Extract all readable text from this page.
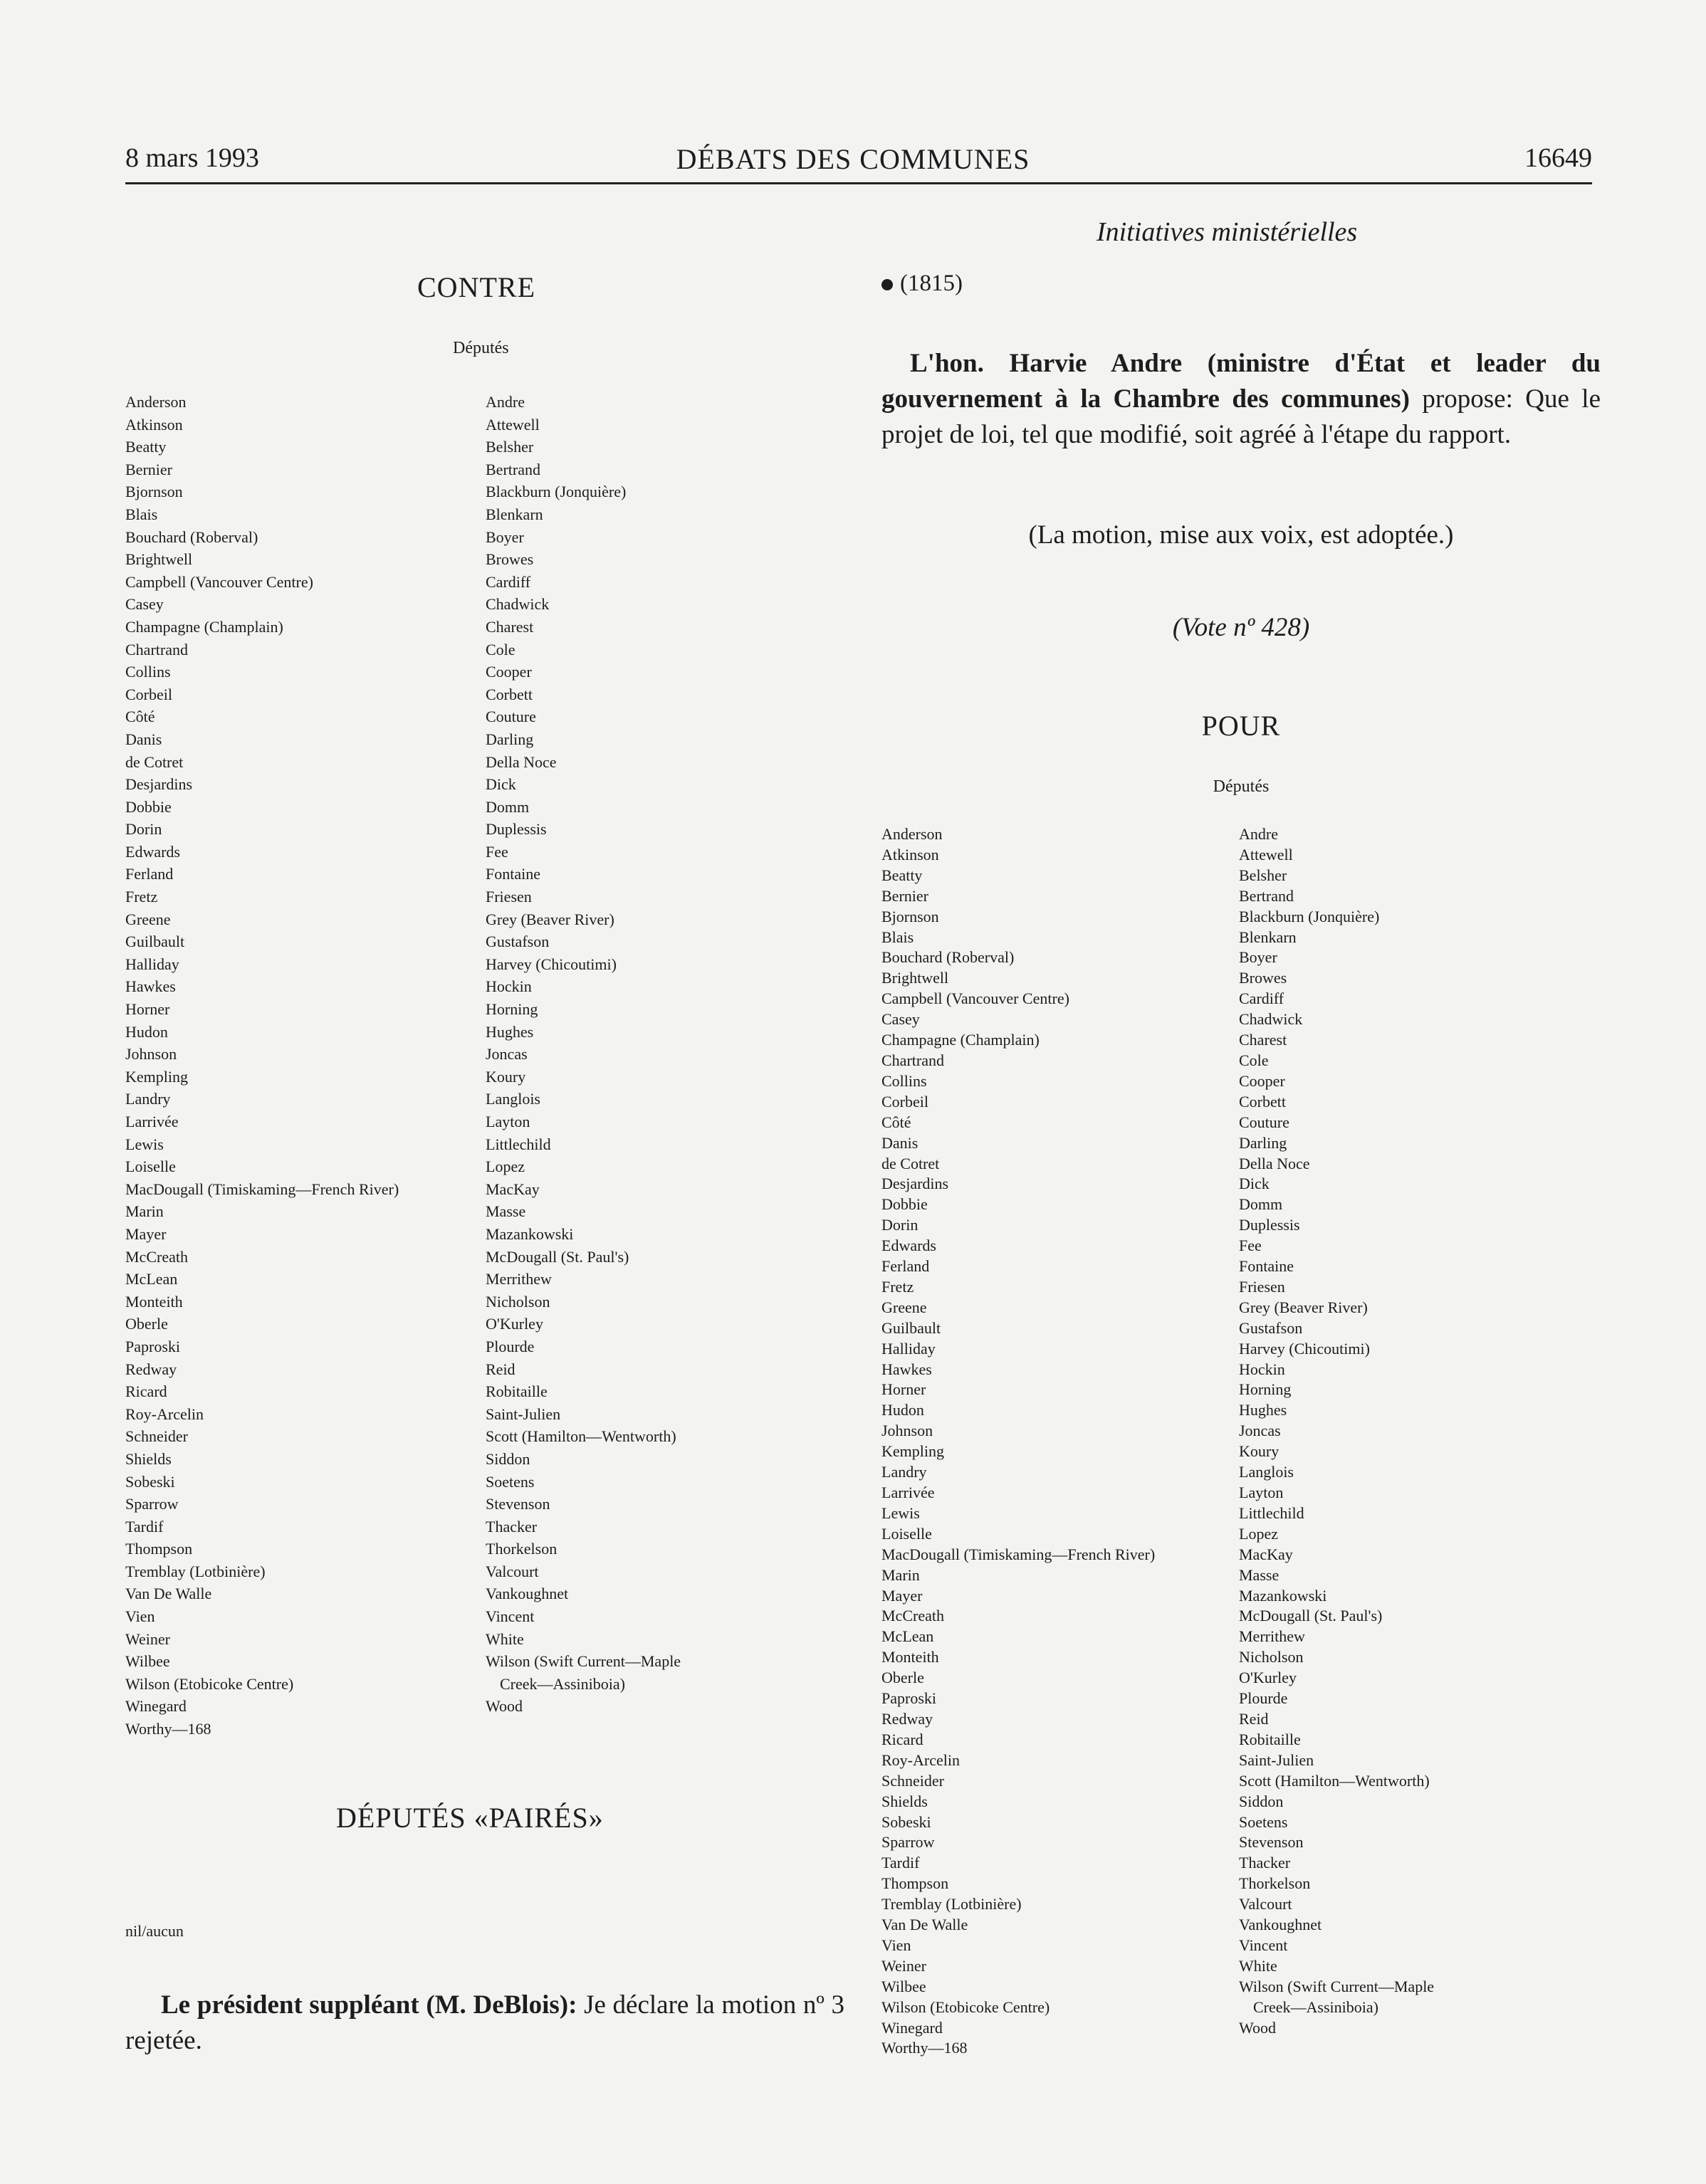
8 mars 1993	DÉBATS DES COMMUNES	16649
Initiatives ministérielles
CONTRE
Députés
Anderson
Atkinson
Beatty
Bernier
Bjornson
Blais
Bouchard (Roberval)
Brightwell
Campbell (Vancouver Centre)
Casey
Champagne (Champlain)
Chartrand
Collins
Corbeil
Côté
Danis
de Cotret
Desjardins
Dobbie
Dorin
Edwards
Ferland
Fretz
Greene
Guilbault
Halliday
Hawkes
Horner
Hudon
Johnson
Kempling
Landry
Larrivée
Lewis
Loiselle
MacDougall (Timiskaming—French River)
Marin
Mayer
McCreath
McLean
Monteith
Oberle
Paproski
Redway
Ricard
Roy-Arcelin
Schneider
Shields
Sobeski
Sparrow
Tardif
Thompson
Tremblay (Lotbinière)
Van De Walle
Vien
Weiner
Wilbee
Wilson (Etobicoke Centre)
Winegard
Worthy—168
Andre
Attewell
Belsher
Bertrand
Blackburn (Jonquière)
Blenkarn
Boyer
Browes
Cardiff
Chadwick
Charest
Cole
Cooper
Corbett
Couture
Darling
Della Noce
Dick
Domm
Duplessis
Fee
Fontaine
Friesen
Grey (Beaver River)
Gustafson
Harvey (Chicoutimi)
Hockin
Horning
Hughes
Joncas
Koury
Langlois
Layton
Littlechild
Lopez
MacKay
Masse
Mazankowski
McDougall (St. Paul's)
Merrithew
Nicholson
O'Kurley
Plourde
Reid
Robitaille
Saint-Julien
Scott (Hamilton—Wentworth)
Siddon
Soetens
Stevenson
Thacker
Thorkelson
Valcourt
Vankoughnet
Vincent
White
Wilson (Swift Current—Maple
Creek—Assiniboia)
Wood
DÉPUTÉS «PAIRÉS»
nil/aucun
Le président suppléant (M. DeBlois): Je déclare la motion nº 3 rejetée.
(1815)
L'hon. Harvie Andre (ministre d'État et leader du gouvernement à la Chambre des communes) propose: Que le projet de loi, tel que modifié, soit agréé à l'étape du rapport.
(La motion, mise aux voix, est adoptée.)
(Vote nº 428)
POUR
Députés
Anderson
Atkinson
Beatty
Bernier
Bjornson
Blais
Bouchard (Roberval)
Brightwell
Campbell (Vancouver Centre)
Casey
Champagne (Champlain)
Chartrand
Collins
Corbeil
Côté
Danis
de Cotret
Desjardins
Dobbie
Dorin
Edwards
Ferland
Fretz
Greene
Guilbault
Halliday
Hawkes
Horner
Hudon
Johnson
Kempling
Landry
Larrivée
Lewis
Loiselle
MacDougall (Timiskaming—French River)
Marin
Mayer
McCreath
McLean
Monteith
Oberle
Paproski
Redway
Ricard
Roy-Arcelin
Schneider
Shields
Sobeski
Sparrow
Tardif
Thompson
Tremblay (Lotbinière)
Van De Walle
Vien
Weiner
Wilbee
Wilson (Etobicoke Centre)
Winegard
Worthy—168
Andre
Attewell
Belsher
Bertrand
Blackburn (Jonquière)
Blenkarn
Boyer
Browes
Cardiff
Chadwick
Charest
Cole
Cooper
Corbett
Couture
Darling
Della Noce
Dick
Domm
Duplessis
Fee
Fontaine
Friesen
Grey (Beaver River)
Gustafson
Harvey (Chicoutimi)
Hockin
Horning
Hughes
Joncas
Koury
Langlois
Layton
Littlechild
Lopez
MacKay
Masse
Mazankowski
McDougall (St. Paul's)
Merrithew
Nicholson
O'Kurley
Plourde
Reid
Robitaille
Saint-Julien
Scott (Hamilton—Wentworth)
Siddon
Soetens
Stevenson
Thacker
Thorkelson
Valcourt
Vankoughnet
Vincent
White
Wilson (Swift Current—Maple
Creek—Assiniboia)
Wood
